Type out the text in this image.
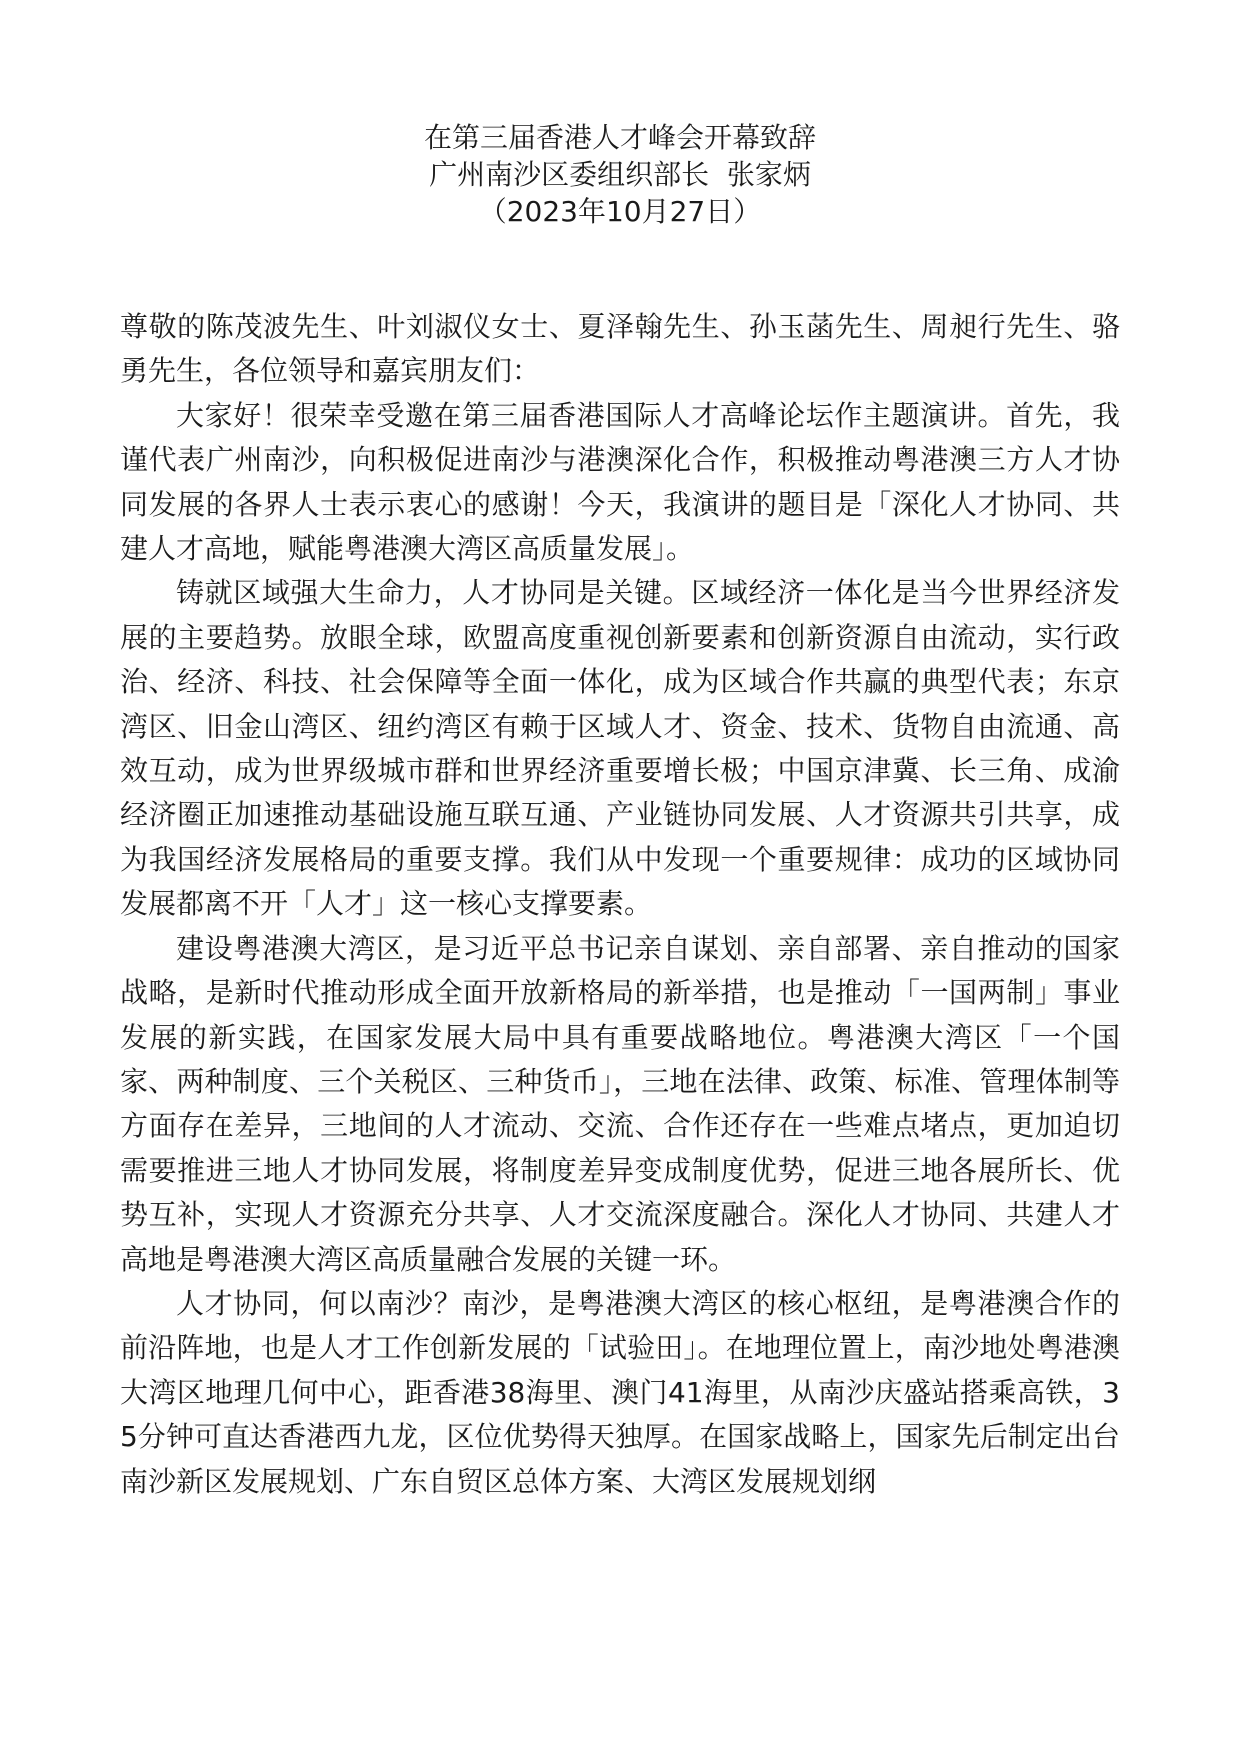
在第三届香港人才峰会开幕致辞
广州南沙区委组织部长  张家炳
（2023年10月27日）

尊敬的陈茂波先生、叶刘淑仪女士、夏泽翰先生、孙玉菡先生、周昶行先生、骆勇先生，各位领导和嘉宾朋友们：

大家好！很荣幸受邀在第三届香港国际人才高峰论坛作主题演讲。首先，我谨代表广州南沙，向积极促进南沙与港澳深化合作，积极推动粤港澳三方人才协同发展的各界人士表示衷心的感谢！今天，我演讲的题目是「深化人才协同、共建人才高地，赋能粤港澳大湾区高质量发展」。

铸就区域强大生命力，人才协同是关键。区域经济一体化是当今世界经济发展的主要趋势。放眼全球，欧盟高度重视创新要素和创新资源自由流动，实行政治、经济、科技、社会保障等全面一体化，成为区域合作共赢的典型代表；东京湾区、旧金山湾区、纽约湾区有赖于区域人才、资金、技术、货物自由流通、高效互动，成为世界级城市群和世界经济重要增长极；中国京津冀、长三角、成渝经济圈正加速推动基础设施互联互通、产业链协同发展、人才资源共引共享，成为我国经济发展格局的重要支撑。我们从中发现一个重要规律：成功的区域协同发展都离不开「人才」这一核心支撑要素。

建设粤港澳大湾区，是习近平总书记亲自谋划、亲自部署、亲自推动的国家战略，是新时代推动形成全面开放新格局的新举措，也是推动「一国两制」事业发展的新实践，在国家发展大局中具有重要战略地位。粤港澳大湾区「一个国家、两种制度、三个关税区、三种货币」，三地在法律、政策、标准、管理体制等方面存在差异，三地间的人才流动、交流、合作还存在一些难点堵点，更加迫切需要推进三地人才协同发展，将制度差异变成制度优势，促进三地各展所长、优势互补，实现人才资源充分共享、人才交流深度融合。深化人才协同、共建人才高地是粤港澳大湾区高质量融合发展的关键一环。

人才协同，何以南沙？南沙，是粤港澳大湾区的核心枢纽，是粤港澳合作的前沿阵地，也是人才工作创新发展的「试验田」。在地理位置上，南沙地处粤港澳大湾区地理几何中心，距香港38海里、澳门41海里，从南沙庆盛站搭乘高铁，35分钟可直达香港西九龙，区位优势得天独厚。在国家战略上，国家先后制定出台南沙新区发展规划、广东自贸区总体方案、大湾区发展规划纲
